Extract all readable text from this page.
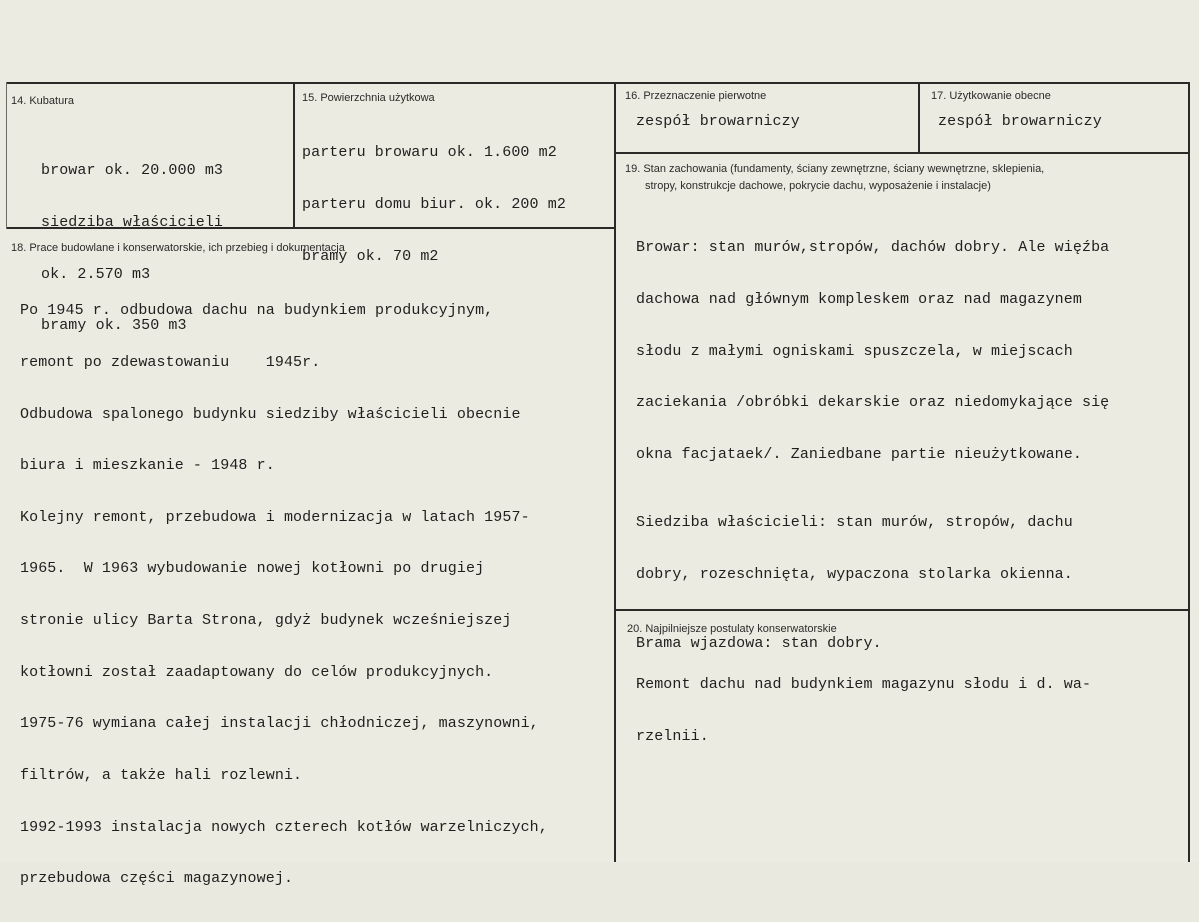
14. Kubatura

browar ok. 20.000 m3

siedziba właścicieli

ok. 2.570 m3

bramy ok. 350 m3

15. Powierzchnia użytkowa

parteru browaru ok. 1.600 m2

parteru domu biur. ok. 200 m2

bramy ok. 70 m2

16. Przeznaczenie pierwotne
zespół browarniczy
17. Użytkowanie obecne
zespół browarniczy
18. Prace budowlane i konserwatorskie, ich przebieg i dokumentacja

Po 1945 r. odbudowa dachu na budynkiem produkcyjnym,

remont po zdewastowaniu    1945r.

Odbudowa spalonego budynku siedziby właścicieli obecnie

biura i mieszkanie - 1948 r.

Kolejny remont, przebudowa i modernizacja w latach 1957-

1965.  W 1963 wybudowanie nowej kotłowni po drugiej

stronie ulicy Barta Strona, gdyż budynek wcześniejszej

kotłowni został zaadaptowany do celów produkcyjnych.

1975-76 wymiana całej instalacji chłodniczej, maszynowni,

filtrów, a także hali rozlewni.

1992-1993 instalacja nowych czterech kotłów warzelniczych,

przebudowa części magazynowej.

19. Stan zachowania (fundamenty, ściany zewnętrzne, ściany wewnętrzne, sklepienia,
stropy, konstrukcje dachowe, pokrycie dachu, wyposażenie i instalacje)

Browar: stan murów,stropów, dachów dobry. Ale więźba

dachowa nad głównym kompleskem oraz nad magazynem

słodu z małymi ogniskami spuszczela, w miejscach

zaciekania /obróbki dekarskie oraz niedomykające się

okna facjataek/. Zaniedbane partie nieużytkowane.

Siedziba właścicieli: stan murów, stropów, dachu

dobry, rozeschnięta, wypaczona stolarka okienna.

Brama wjazdowa: stan dobry.

20. Najpilniejsze postulaty konserwatorskie

Remont dachu nad budynkiem magazynu słodu i d. wa-

rzelnii.
